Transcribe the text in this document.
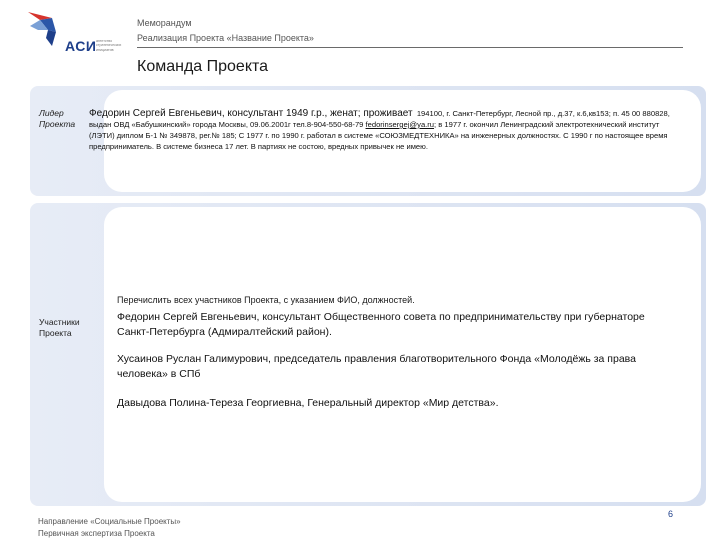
АСИ агентство стратегических инициатив
Меморандум
Реализация Проекта «Название Проекта»
Команда Проекта
Лидер
Проекта
Федорин Сергей Евгеньевич, консультант 1949 г.р., женат; проживает 194100, г. Санкт-Петербург, Лесной пр., д.37, к.6,кв153; п. 45 00 880828, выдан ОВД «Бабушкинский» города Москвы, 09.06.2001г тел.8-904-550-68-79 fedorinsergej@ya.ru; в 1977 г. окончил Ленинградский электротехнический институт (ЛЭТИ) диплом Б-1 № 349878, рег.№ 185; С 1977 г. по 1990 г. работал в системе «СОЮЗМЕДТЕХНИКА» на инженерных должностях. С 1990 г по настоящее время предприниматель. В системе бизнеса 17 лет. В партиях не состою, вредных привычек не имею.
Участники
Проекта
Перечислить всех участников Проекта, с указанием ФИО, должностей.
Федорин Сергей Евгеньевич, консультант Общественного совета по предпринимательству при губернаторе Санкт-Петербурга (Адмиралтейский район).
Хусаинов Руслан Галимурович, председатель правления благотворительного Фонда «Молодёжь за права человека» в СПб
Давыдова Полина-Тереза Георгиевна, Генеральный директор «Мир детства».
Направление «Социальные Проекты»
Первичная экспертиза Проекта
6
